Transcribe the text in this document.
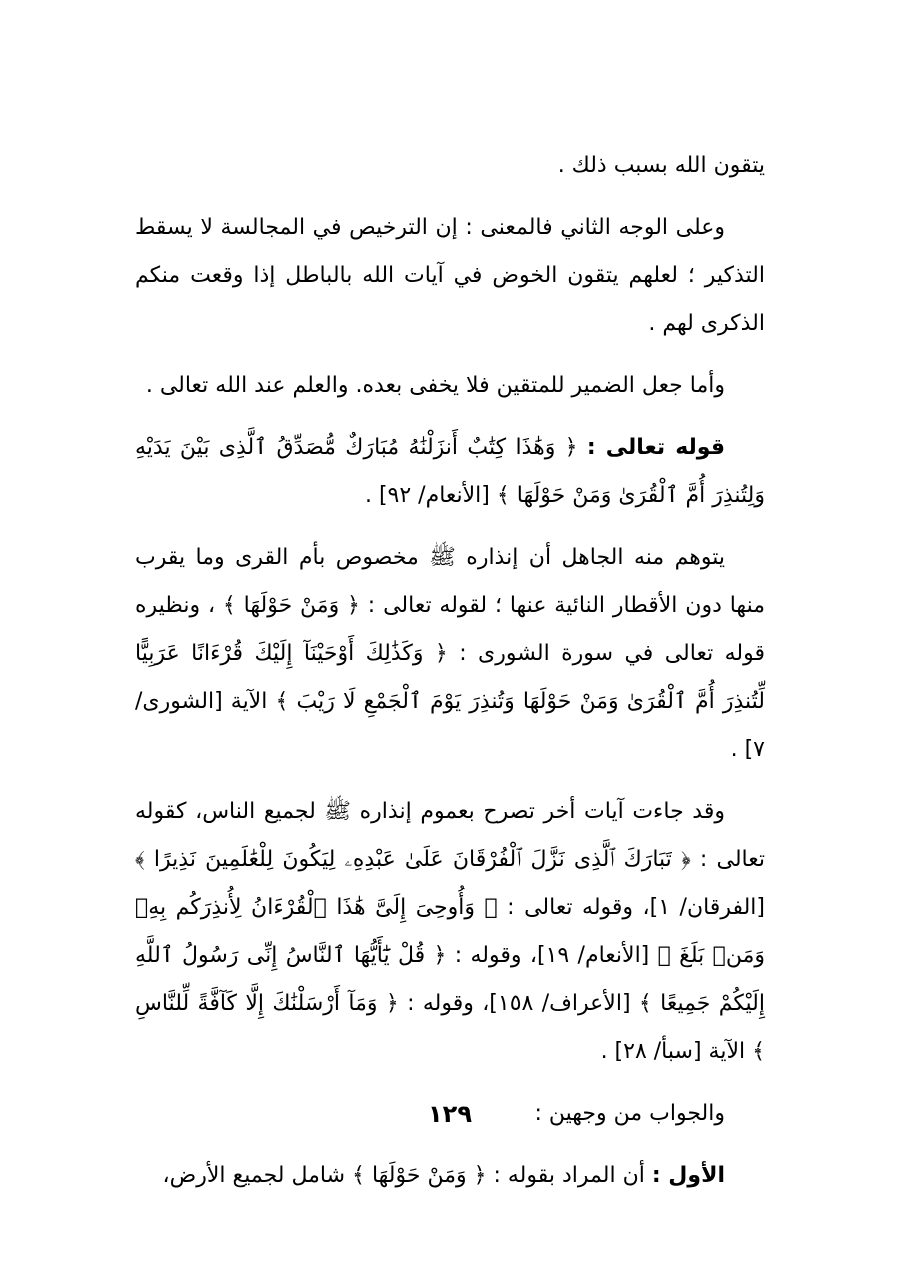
يتقون الله بسبب ذلك .

وعلى الوجه الثاني فالمعنى : إن الترخيص في المجالسة لا يسقط التذكير ؛ لعلهم يتقون الخوض في آيات الله بالباطل إذا وقعت منكم الذكرى لهم .

وأما جعل الضمير للمتقين فلا يخفى بعده. والعلم عند الله تعالى .

قوله تعالى : ﴿ وَهَٰذَا كِتَٰبٌ أَنزَلْنَٰهُ مُبَارَكٌ مُّصَدِّقُ ٱلَّذِى بَيْنَ يَدَيْهِ وَلِتُنذِرَ أُمَّ ٱلْقُرَىٰ وَمَنْ حَوْلَهَا ﴾ [الأنعام/ ٩٢] .

يتوهم منه الجاهل أن إنذاره ﷺ مخصوص بأم القرى وما يقرب منها دون الأقطار النائية عنها ؛ لقوله تعالى : ﴿ وَمَنْ حَوْلَهَا ﴾ ، ونظيره قوله تعالى في سورة الشورى : ﴿ وَكَذَٰلِكَ أَوْحَيْنَآ إِلَيْكَ قُرْءَانًا عَرَبِيًّا لِّتُنذِرَ أُمَّ ٱلْقُرَىٰ وَمَنْ حَوْلَهَا وَتُنذِرَ يَوْمَ ٱلْجَمْعِ لَا رَيْبَ ﴾ الآية [الشورى/ ٧] .

وقد جاءت آيات أخر تصرح بعموم إنذاره ﷺ لجميع الناس، كقوله تعالى : ﴿ تَبَارَكَ ٱلَّذِى نَزَّلَ ٱلْفُرْقَانَ عَلَىٰ عَبْدِهِۦ لِيَكُونَ لِلْعَٰلَمِينَ نَذِيرًا ﴾ [الفرقان/ ١]، وقوله تعالى : ﴿ وَأُوحِىَ إِلَىَّ هَٰذَا ٱلْقُرْءَانُ لِأُنذِرَكُم بِهِۦ وَمَنۢ بَلَغَ ﴾ [الأنعام/ ١٩]، وقوله : ﴿ قُلْ يَٰٓأَيُّهَا ٱلنَّاسُ إِنِّى رَسُولُ ٱللَّهِ إِلَيْكُمْ جَمِيعًا ﴾ [الأعراف/ ١٥٨]، وقوله : ﴿ وَمَآ أَرْسَلْنَٰكَ إِلَّا كَآفَّةً لِّلنَّاسِ ﴾ الآية [سبأ/ ٢٨] .

والجواب من وجهين :

الأول : أن المراد بقوله : ﴿ وَمَنْ حَوْلَهَا ﴾ شامل لجميع الأرض،

١٢٩
